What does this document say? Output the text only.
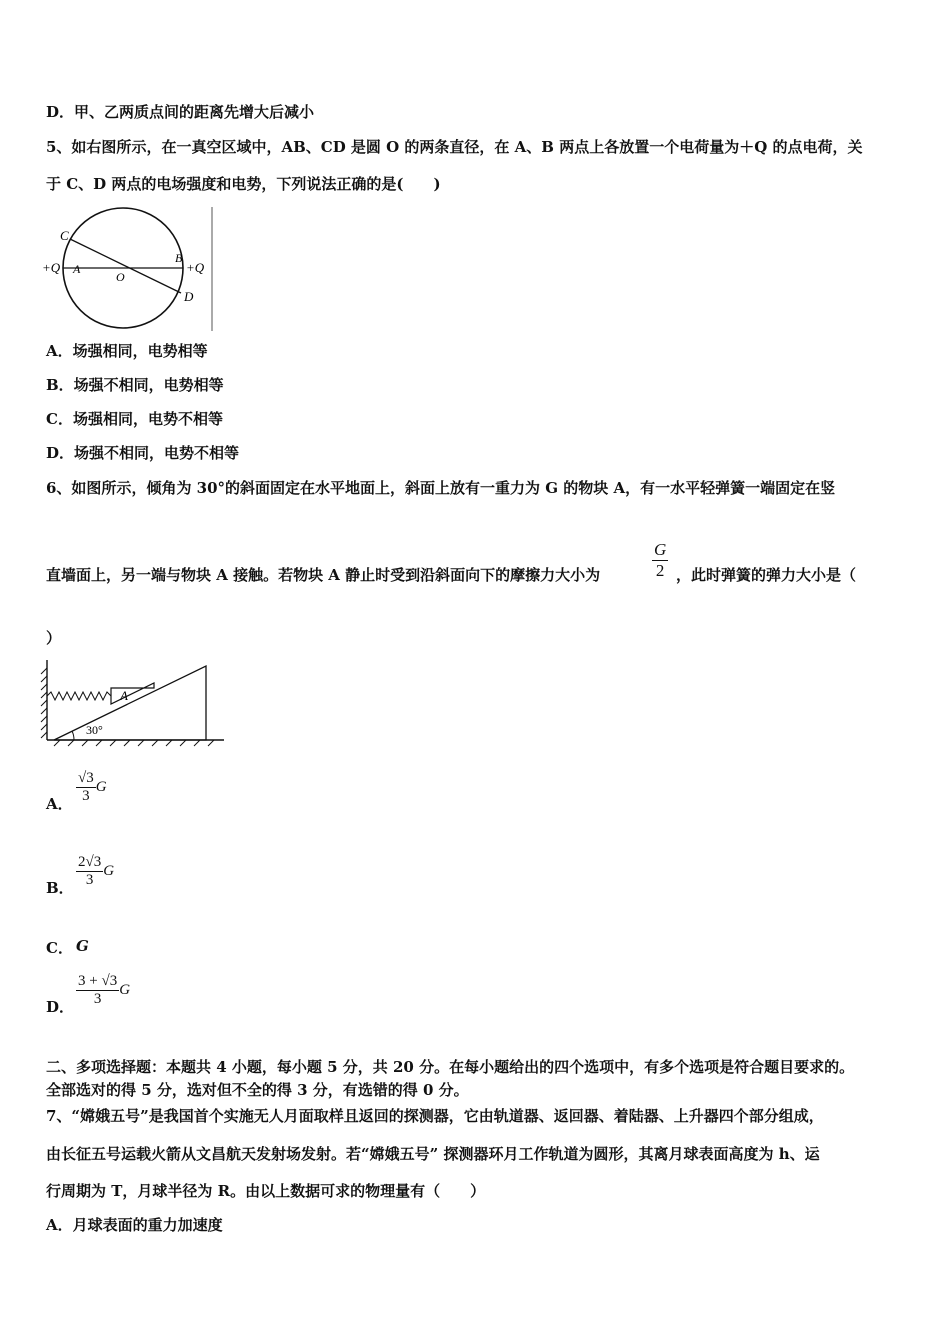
D．甲、乙两质点间的距离先增大后减小
5、如右图所示，在一真空区域中，AB、CD 是圆 O 的两条直径，在 A、B 两点上各放置一个电荷量为＋Q 的点电荷，关
于 C、D 两点的电场强度和电势，下列说法正确的是(　　)
C
D
A
B
O
+Q	+Q
A．场强相同，电势相等
B．场强不相同，电势相等
C．场强相同，电势不相等
D．场强不相同，电势不相等
6、如图所示，倾角为 30°的斜面固定在水平地面上，斜面上放有一重力为 G 的物块 A，有一水平轻弹簧一端固定在竖
直墙面上，另一端与物块 A 接触。若物块 A 静止时受到沿斜面向下的摩擦力大小为	$\frac{G}{2}$ ，此时弹簧的弹力大小是（
）
A
30°
A． $\frac{√3}{3}$ G
B． $\frac{2√3}{3}$ G
C． G
D． $\frac{3 + √3}{3}$ G
二、多项选择题：本题共 4 小题，每小题 5 分，共 20 分。在每小题给出的四个选项中，有多个选项是符合题目要求的。
全部选对的得 5 分，选对但不全的得 3 分，有选错的得 0 分。
7、“嫦娥五号”是我国首个实施无人月面取样且返回的探测器，它由轨道器、返回器、着陆器、上升器四个部分组成，
由长征五号运载火箭从文昌航天发射场发射。若“嫦娥五号” 探测器环月工作轨道为圆形，其离月球表面高度为 h、运
行周期为 T，月球半径为 R。由以上数据可求的物理量有（　　）
A．月球表面的重力加速度
